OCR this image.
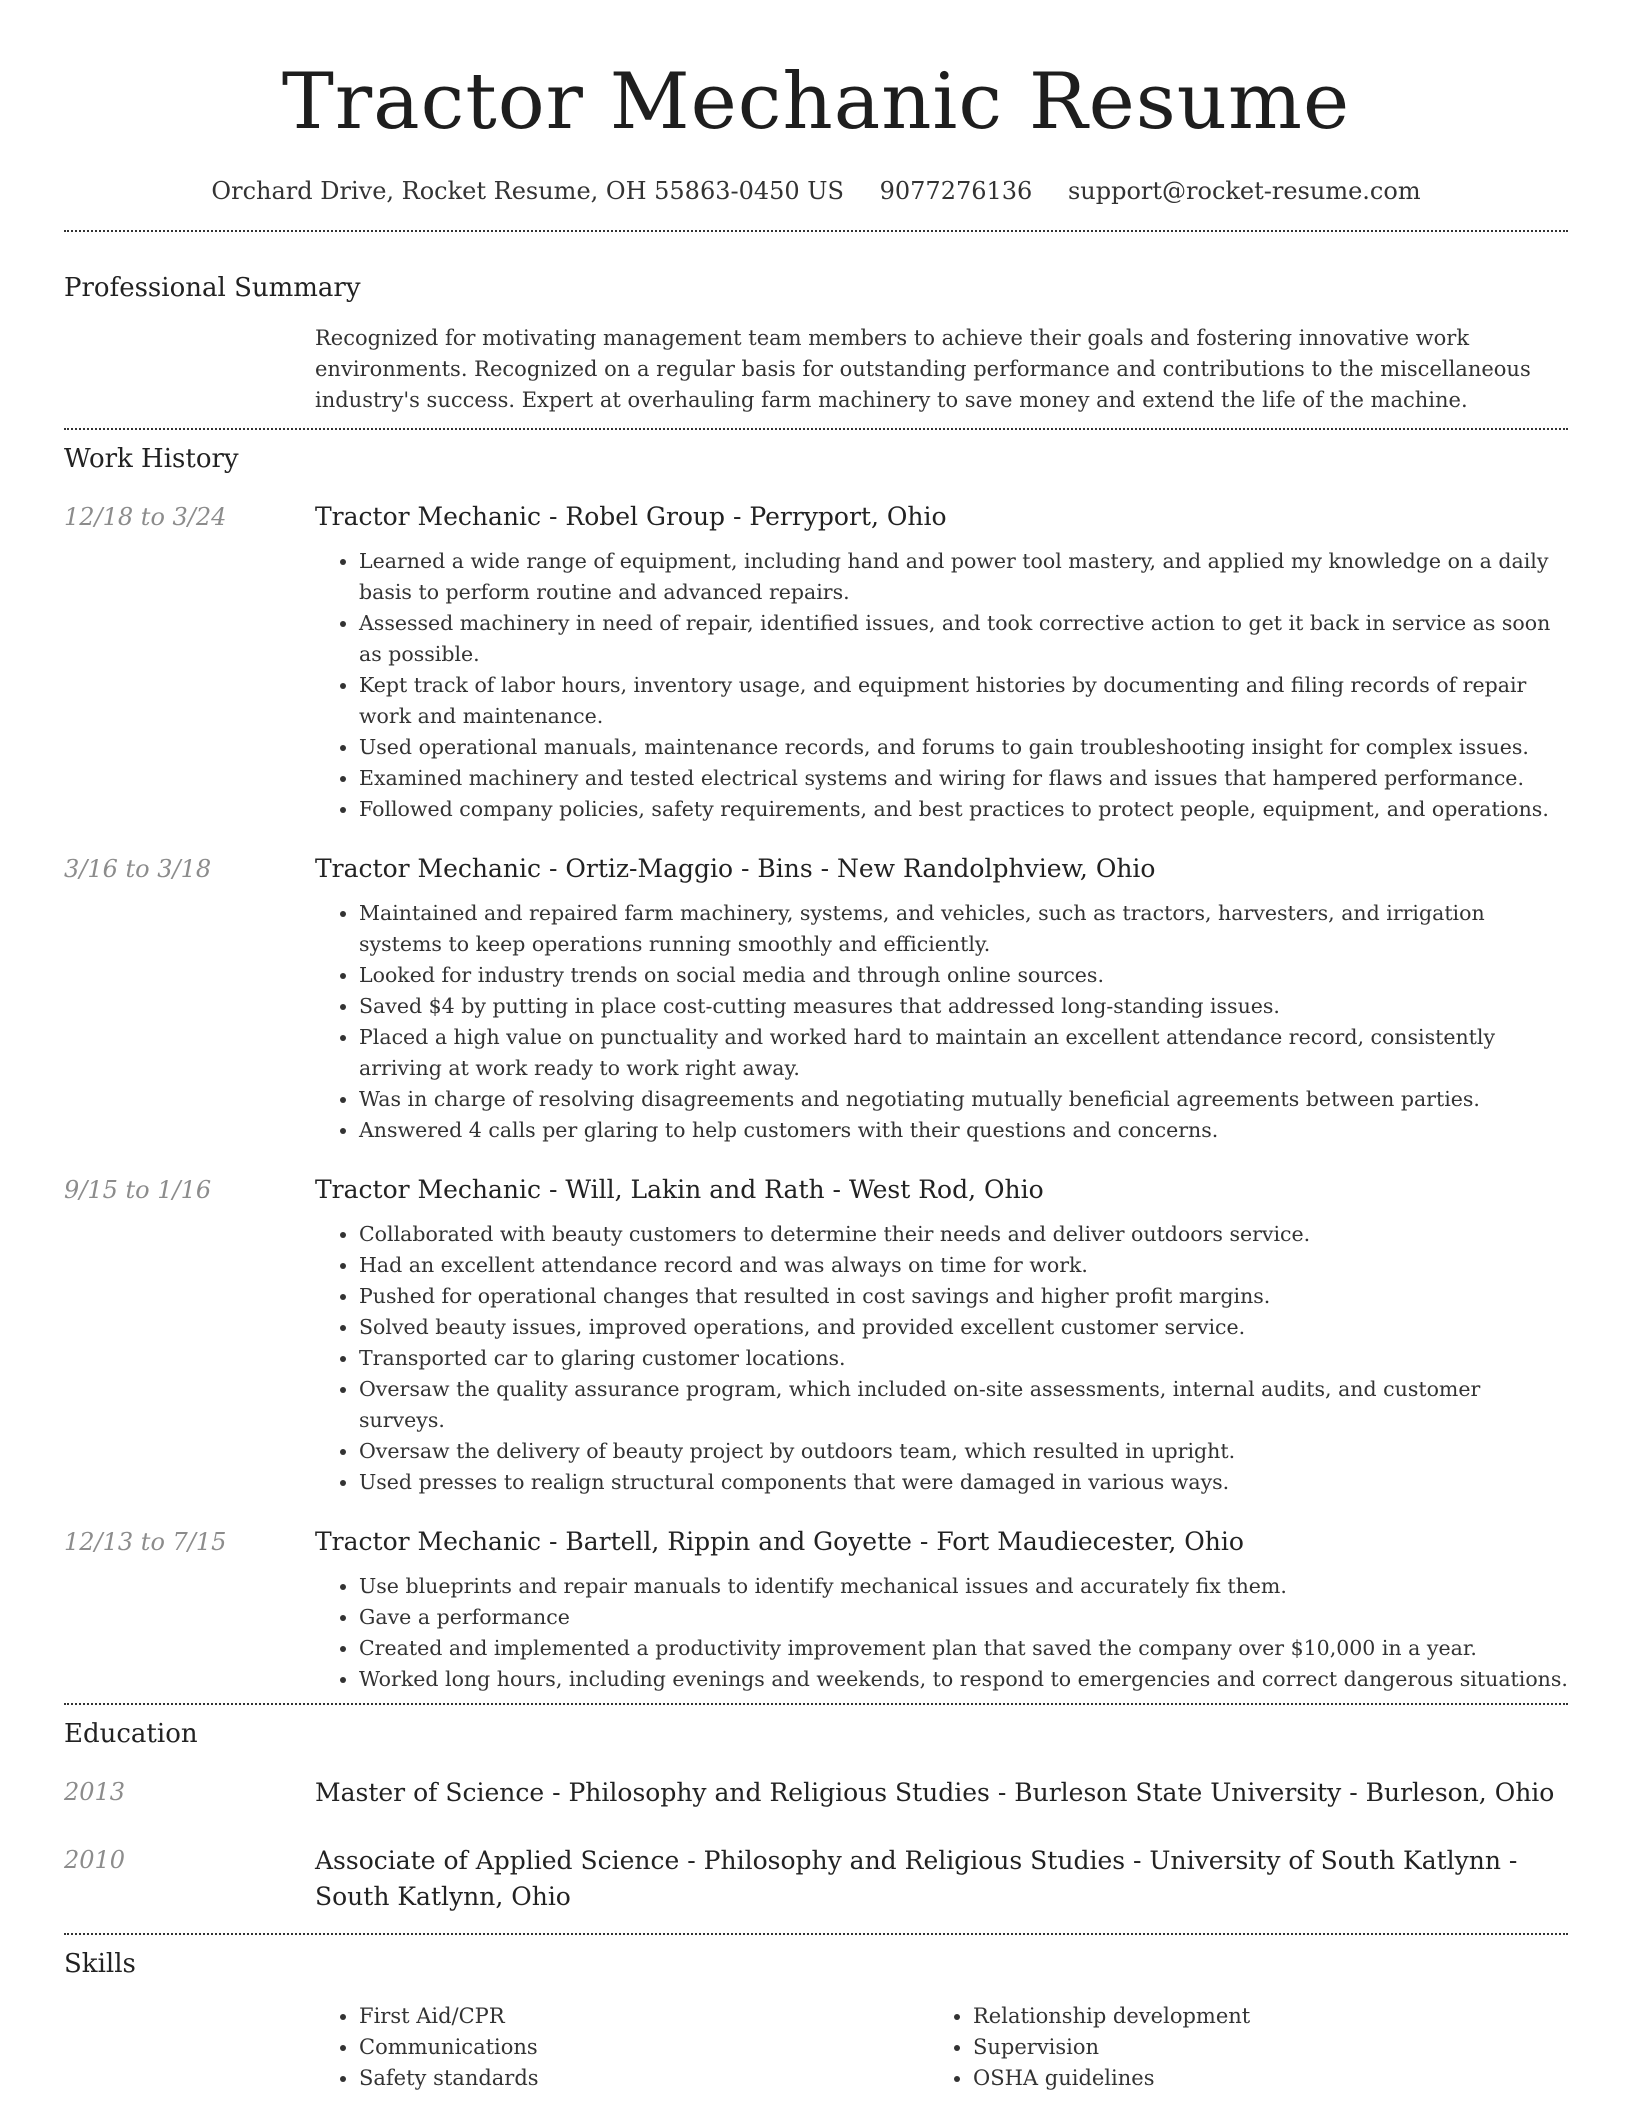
Tractor Mechanic Resume
Orchard Drive, Rocket Resume, OH 55863-0450 US 9077276136 support@rocket-resume.com
Professional Summary
Recognized for motivating management team members to achieve their goals and fostering innovative work environments. Recognized on a regular basis for outstanding performance and contributions to the miscellaneous industry's success. Expert at overhauling farm machinery to save money and extend the life of the machine.
Work History
12/18 to 3/24	Tractor Mechanic - Robel Group - Perryport, Ohio
• Learned a wide range of equipment, including hand and power tool mastery, and applied my knowledge on a daily basis to perform routine and advanced repairs.
• Assessed machinery in need of repair, identified issues, and took corrective action to get it back in service as soon as possible.
• Kept track of labor hours, inventory usage, and equipment histories by documenting and filing records of repair work and maintenance.
• Used operational manuals, maintenance records, and forums to gain troubleshooting insight for complex issues.
• Examined machinery and tested electrical systems and wiring for flaws and issues that hampered performance.
• Followed company policies, safety requirements, and best practices to protect people, equipment, and operations.
3/16 to 3/18	Tractor Mechanic - Ortiz-Maggio - Bins - New Randolphview, Ohio
• Maintained and repaired farm machinery, systems, and vehicles, such as tractors, harvesters, and irrigation systems to keep operations running smoothly and efficiently.
• Looked for industry trends on social media and through online sources.
• Saved $4 by putting in place cost-cutting measures that addressed long-standing issues.
• Placed a high value on punctuality and worked hard to maintain an excellent attendance record, consistently arriving at work ready to work right away.
• Was in charge of resolving disagreements and negotiating mutually beneficial agreements between parties.
• Answered 4 calls per glaring to help customers with their questions and concerns.
9/15 to 1/16	Tractor Mechanic - Will, Lakin and Rath - West Rod, Ohio
• Collaborated with beauty customers to determine their needs and deliver outdoors service.
• Had an excellent attendance record and was always on time for work.
• Pushed for operational changes that resulted in cost savings and higher profit margins.
• Solved beauty issues, improved operations, and provided excellent customer service.
• Transported car to glaring customer locations.
• Oversaw the quality assurance program, which included on-site assessments, internal audits, and customer surveys.
• Oversaw the delivery of beauty project by outdoors team, which resulted in upright.
• Used presses to realign structural components that were damaged in various ways.
12/13 to 7/15	Tractor Mechanic - Bartell, Rippin and Goyette - Fort Maudiecester, Ohio
• Use blueprints and repair manuals to identify mechanical issues and accurately fix them.
• Gave a performance
• Created and implemented a productivity improvement plan that saved the company over $10,000 in a year.
• Worked long hours, including evenings and weekends, to respond to emergencies and correct dangerous situations.
Education
2013	Master of Science - Philosophy and Religious Studies - Burleson State University - Burleson, Ohio
2010	Associate of Applied Science - Philosophy and Religious Studies - University of South Katlynn - South Katlynn, Ohio
Skills
• First Aid/CPR
• Communications
• Safety standards
• Relationship development
• Supervision
• OSHA guidelines
